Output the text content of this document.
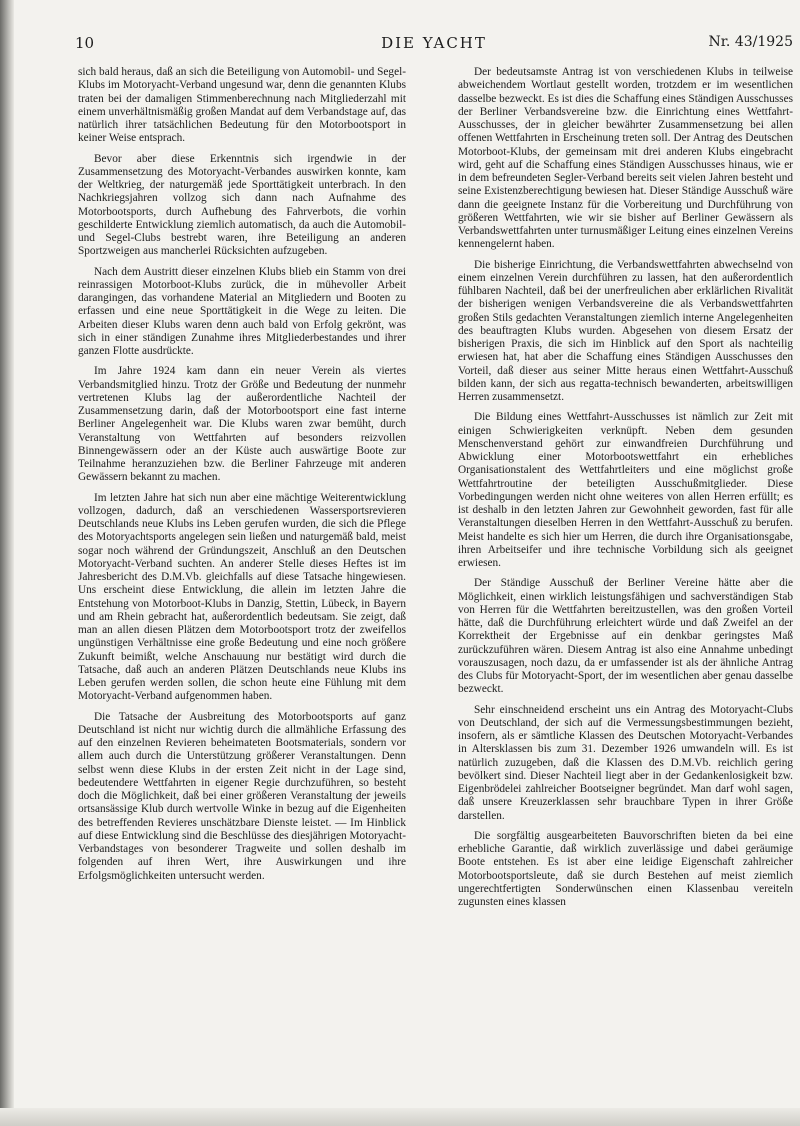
10	DIE YACHT	Nr. 43/1925

sich bald heraus, daß an sich die Beteiligung von Automobil- und Segel-Klubs im Motoryacht-Verband ungesund war, denn die genannten Klubs traten bei der damaligen Stimmenberechnung nach Mitgliederzahl mit einem unverhältnismäßig großen Mandat auf dem Verbandstage auf, das natürlich ihrer tatsächlichen Bedeutung für den Motorbootsport in keiner Weise entsprach.

Bevor aber diese Erkenntnis sich irgendwie in der Zusammensetzung des Motoryacht-Verbandes auswirken konnte, kam der Weltkrieg, der naturgemäß jede Sporttätigkeit unterbrach. In den Nachkriegsjahren vollzog sich dann nach Aufnahme des Motorbootsports, durch Aufhebung des Fahrverbots, die vorhin geschilderte Entwicklung ziemlich automatisch, da auch die Automobil- und Segel-Clubs bestrebt waren, ihre Beteiligung an anderen Sportzweigen aus mancherlei Rücksichten aufzugeben.

Nach dem Austritt dieser einzelnen Klubs blieb ein Stamm von drei reinrassigen Motorboot-Klubs zurück, die in mühevoller Arbeit darangingen, das vorhandene Material an Mitgliedern und Booten zu erfassen und eine neue Sporttätigkeit in die Wege zu leiten. Die Arbeiten dieser Klubs waren denn auch bald von Erfolg gekrönt, was sich in einer ständigen Zunahme ihres Mitgliederbestandes und ihrer ganzen Flotte ausdrückte.

Im Jahre 1924 kam dann ein neuer Verein als viertes Verbandsmitglied hinzu. Trotz der Größe und Bedeutung der nunmehr vertretenen Klubs lag der außerordentliche Nachteil der Zusammensetzung darin, daß der Motorbootsport eine fast interne Berliner Angelegenheit war. Die Klubs waren zwar bemüht, durch Veranstaltung von Wettfahrten auf besonders reizvollen Binnengewässern oder an der Küste auch auswärtige Boote zur Teilnahme heranzuziehen bzw. die Berliner Fahrzeuge mit anderen Gewässern bekannt zu machen.

Im letzten Jahre hat sich nun aber eine mächtige Weiterentwicklung vollzogen, dadurch, daß an verschiedenen Wassersportsrevieren Deutschlands neue Klubs ins Leben gerufen wurden, die sich die Pflege des Motoryachtsports angelegen sein ließen und naturgemäß bald, meist sogar noch während der Gründungszeit, Anschluß an den Deutschen Motoryacht-Verband suchten. An anderer Stelle dieses Heftes ist im Jahresbericht des D.M.Vb. gleichfalls auf diese Tatsache hingewiesen. Uns erscheint diese Entwicklung, die allein im letzten Jahre die Entstehung von Motorboot-Klubs in Danzig, Stettin, Lübeck, in Bayern und am Rhein gebracht hat, außerordentlich bedeutsam. Sie zeigt, daß man an allen diesen Plätzen dem Motorbootsport trotz der zweifellos ungünstigen Verhältnisse eine große Bedeutung und eine noch größere Zukunft beimißt, welche Anschauung nur bestätigt wird durch die Tatsache, daß auch an anderen Plätzen Deutschlands neue Klubs ins Leben gerufen werden sollen, die schon heute eine Fühlung mit dem Motoryacht-Verband aufgenommen haben.

Die Tatsache der Ausbreitung des Motorbootsports auf ganz Deutschland ist nicht nur wichtig durch die allmähliche Erfassung des auf den einzelnen Revieren beheimateten Bootsmaterials, sondern vor allem auch durch die Unterstützung größerer Veranstaltungen. Denn selbst wenn diese Klubs in der ersten Zeit nicht in der Lage sind, bedeutendere Wettfahrten in eigener Regie durchzuführen, so besteht doch die Möglichkeit, daß bei einer größeren Veranstaltung der jeweils ortsansässige Klub durch wertvolle Winke in bezug auf die Eigenheiten des betreffenden Revieres unschätzbare Dienste leistet. — Im Hinblick auf diese Entwicklung sind die Beschlüsse des diesjährigen Motoryacht-Verbandstages von besonderer Tragweite und sollen deshalb im folgenden auf ihren Wert, ihre Auswirkungen und ihre Erfolgsmöglichkeiten untersucht werden.

Der bedeutsamste Antrag ist von verschiedenen Klubs in teilweise abweichendem Wortlaut gestellt worden, trotzdem er im wesentlichen dasselbe bezweckt. Es ist dies die Schaffung eines Ständigen Ausschusses der Berliner Verbandsvereine bzw. die Einrichtung eines Wettfahrt-Ausschusses, der in gleicher bewährter Zusammensetzung bei allen offenen Wettfahrten in Erscheinung treten soll. Der Antrag des Deutschen Motorboot-Klubs, der gemeinsam mit drei anderen Klubs eingebracht wird, geht auf die Schaffung eines Ständigen Ausschusses hinaus, wie er in dem befreundeten Segler-Verband bereits seit vielen Jahren besteht und seine Existenzberechtigung bewiesen hat. Dieser Ständige Ausschuß wäre dann die geeignete Instanz für die Vorbereitung und Durchführung von größeren Wettfahrten, wie wir sie bisher auf Berliner Gewässern als Verbandswettfahrten unter turnusmäßiger Leitung eines einzelnen Vereins kennengelernt haben.

Die bisherige Einrichtung, die Verbandswettfahrten abwechselnd von einem einzelnen Verein durchführen zu lassen, hat den außerordentlich fühlbaren Nachteil, daß bei der unerfreulichen aber erklärlichen Rivalität der bisherigen wenigen Verbandsvereine die als Verbandswettfahrten großen Stils gedachten Veranstaltungen ziemlich interne Angelegenheiten des beauftragten Klubs wurden. Abgesehen von diesem Ersatz der bisherigen Praxis, die sich im Hinblick auf den Sport als nachteilig erwiesen hat, hat aber die Schaffung eines Ständigen Ausschusses den Vorteil, daß dieser aus seiner Mitte heraus einen Wettfahrt-Ausschuß bilden kann, der sich aus regatta-technisch bewanderten, arbeitswilligen Herren zusammensetzt.

Die Bildung eines Wettfahrt-Ausschusses ist nämlich zur Zeit mit einigen Schwierigkeiten verknüpft. Neben dem gesunden Menschenverstand gehört zur einwandfreien Durchführung und Abwicklung einer Motorbootswettfahrt ein erhebliches Organisationstalent des Wettfahrtleiters und eine möglichst große Wettfahrtroutine der beteiligten Ausschußmitglieder. Diese Vorbedingungen werden nicht ohne weiteres von allen Herren erfüllt; es ist deshalb in den letzten Jahren zur Gewohnheit geworden, fast für alle Veranstaltungen dieselben Herren in den Wettfahrt-Ausschuß zu berufen. Meist handelte es sich hier um Herren, die durch ihre Organisationsgabe, ihren Arbeitseifer und ihre technische Vorbildung sich als geeignet erwiesen.

Der Ständige Ausschuß der Berliner Vereine hätte aber die Möglichkeit, einen wirklich leistungsfähigen und sachverständigen Stab von Herren für die Wettfahrten bereitzustellen, was den großen Vorteil hätte, daß die Durchführung erleichtert würde und daß Zweifel an der Korrektheit der Ergebnisse auf ein denkbar geringstes Maß zurückzuführen wären. Diesem Antrag ist also eine Annahme unbedingt vorauszusagen, noch dazu, da er umfassender ist als der ähnliche Antrag des Clubs für Motoryacht-Sport, der im wesentlichen aber genau dasselbe bezweckt.

Sehr einschneidend erscheint uns ein Antrag des Motoryacht-Clubs von Deutschland, der sich auf die Vermessungsbestimmungen bezieht, insofern, als er sämtliche Klassen des Deutschen Motoryacht-Verbandes in Altersklassen bis zum 31. Dezember 1926 umwandeln will. Es ist natürlich zuzugeben, daß die Klassen des D.M.Vb. reichlich gering bevölkert sind. Dieser Nachteil liegt aber in der Gedankenlosigkeit bzw. Eigenbrödelei zahlreicher Bootseigner begründet. Man darf wohl sagen, daß unsere Kreuzerklassen sehr brauchbare Typen in ihrer Größe darstellen.

Die sorgfältig ausgearbeiteten Bauvorschriften bieten da bei eine erhebliche Garantie, daß wirklich zuverlässige und dabei geräumige Boote entstehen. Es ist aber eine leidige Eigenschaft zahlreicher Motorbootsportsleute, daß sie durch Bestehen auf meist ziemlich ungerechtfertigten Sonderwünschen einen Klassenbau vereiteln zugunsten eines klassen
